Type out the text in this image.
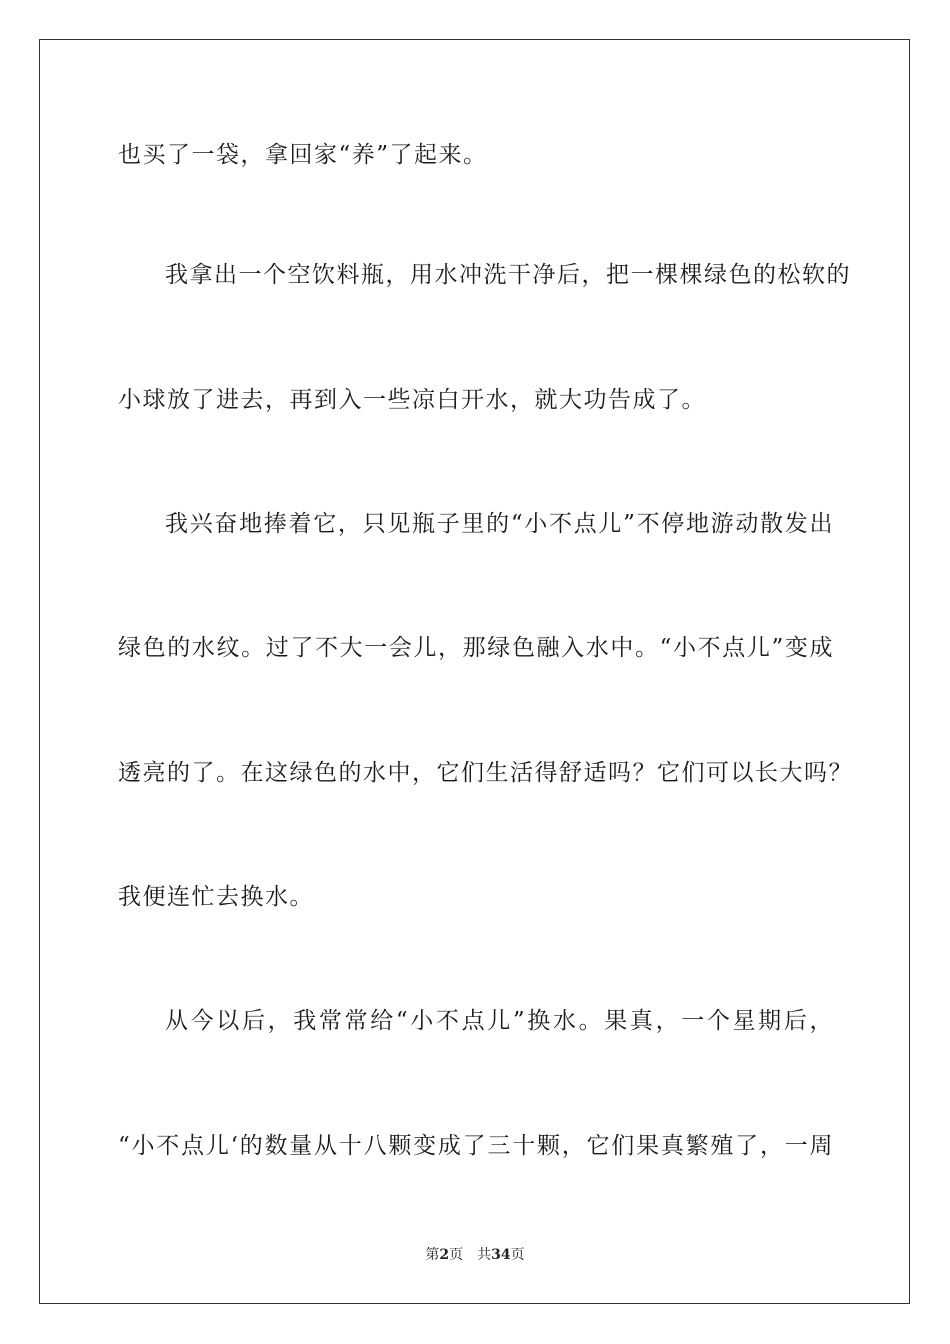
也买了一袋，拿回家“养”了起来。
我拿出一个空饮料瓶，用水冲洗干净后，把一棵棵绿色的松软的
小球放了进去，再到入一些凉白开水，就大功告成了。
我兴奋地捧着它，只见瓶子里的“小不点儿”不停地游动散发出
绿色的水纹。过了不大一会儿，那绿色融入水中。“小不点儿”变成
透亮的了。在这绿色的水中，它们生活得舒适吗？它们可以长大吗？
我便连忙去换水。
从今以后，我常常给“小不点儿”换水。果真，一个星期后，
“小不点儿‘的数量从十八颗变成了三十颗，它们果真繁殖了，一周
第2页 共34页
